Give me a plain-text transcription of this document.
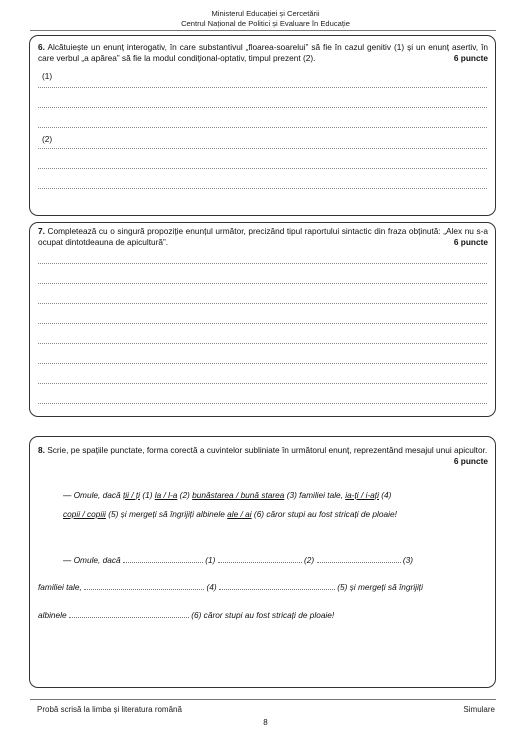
Ministerul Educației și Cercetării
Centrul Național de Politici și Evaluare în Educație
6. Alcătuiește un enunț interogativ, în care substantivul „floarea-soarelui” să fie în cazul genitiv (1) și un enunț asertiv, în care verbul „a apărea” să fie la modul condițional-optativ, timpul prezent (2).	6 puncte
(1)
(2)
7. Completează cu o singură propoziție enunțul următor, precizând tipul raportului sintactic din fraza obținută: „Alex nu s-a ocupat dintotdeauna de apicultură”.	6 puncte
8. Scrie, pe spațiile punctate, forma corectă a cuvintelor subliniate în următorul enunț, reprezentând mesajul unui apicultor.
6 puncte
— Omule, dacă ții / ți (1) la / l-a (2) bunăstarea / bună starea (3) familiei tale, ia-ți / i-ați (4)
copii / copiii (5) și mergeți să îngrijiți albinele ale / ai (6) căror stupi au fost stricați de ploaie!
— Omule, dacă	(1)	(2)	(3)
familiei tale,	(4)	(5) și mergeți să îngrijiți
albinele	(6) căror stupi au fost stricați de ploaie!
Probă scrisă la limba și literatura română	Simulare
8
